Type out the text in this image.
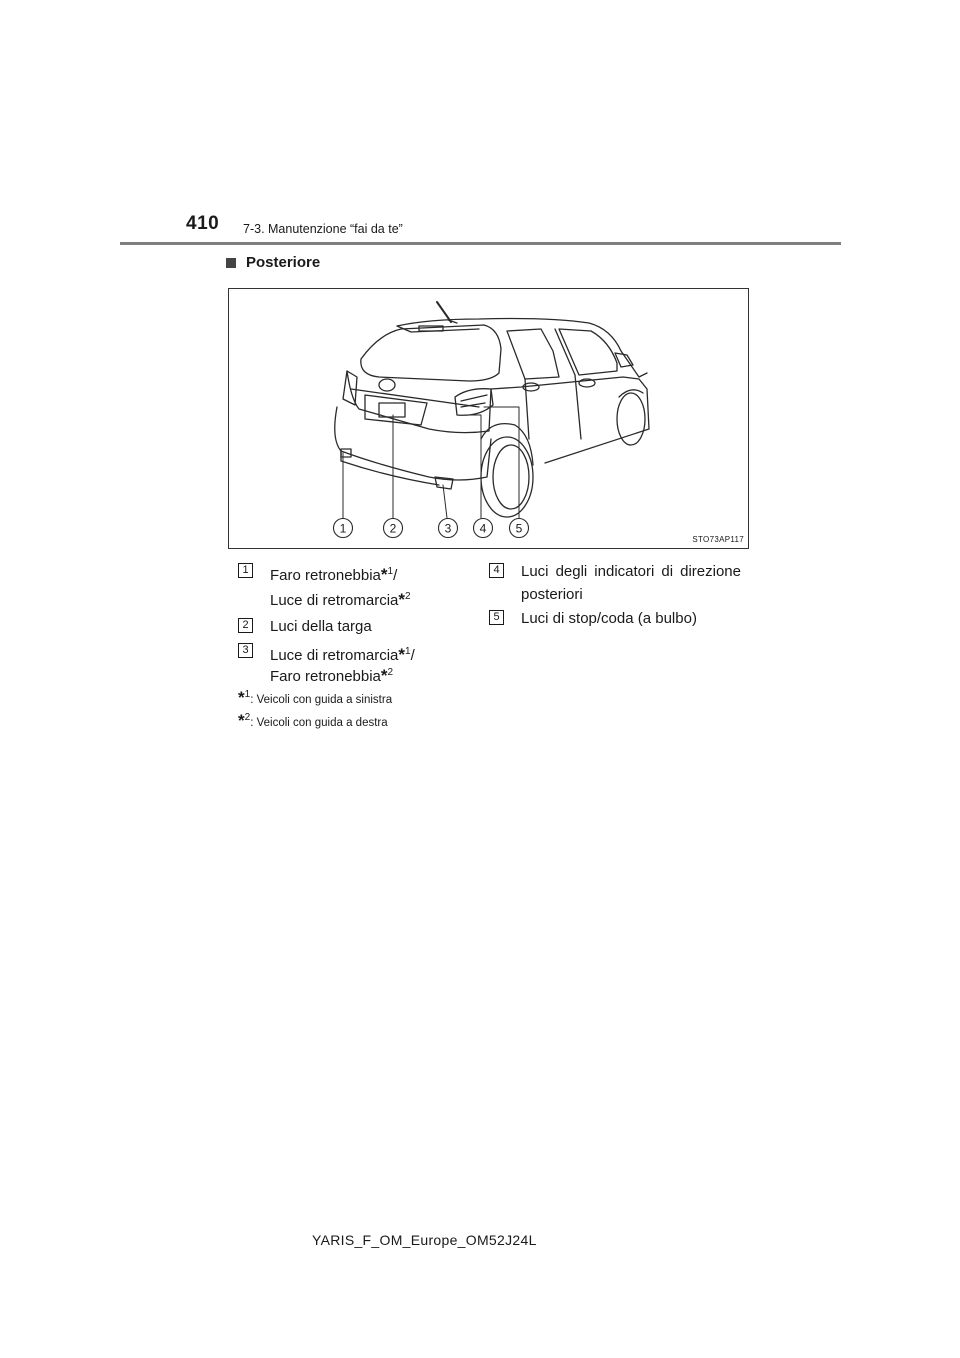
410 7-3. Manutenzione “fai da te”
Posteriore
1	2	3 4 5
STO73AP117
1 Faro retronebbia*$^1$/
Luce di retromarcia*$^2$
2 Luci della targa
3 Luce di retromarcia*$^1$/
Faro retronebbia*$^2$
4 Luci degli indicatori di direzione posteriori
5 Luci di stop/coda (a bulbo)
*$^1$: Veicoli con guida a sinistra
*$^2$: Veicoli con guida a destra
YARIS_F_OM_Europe_OM52J24L
